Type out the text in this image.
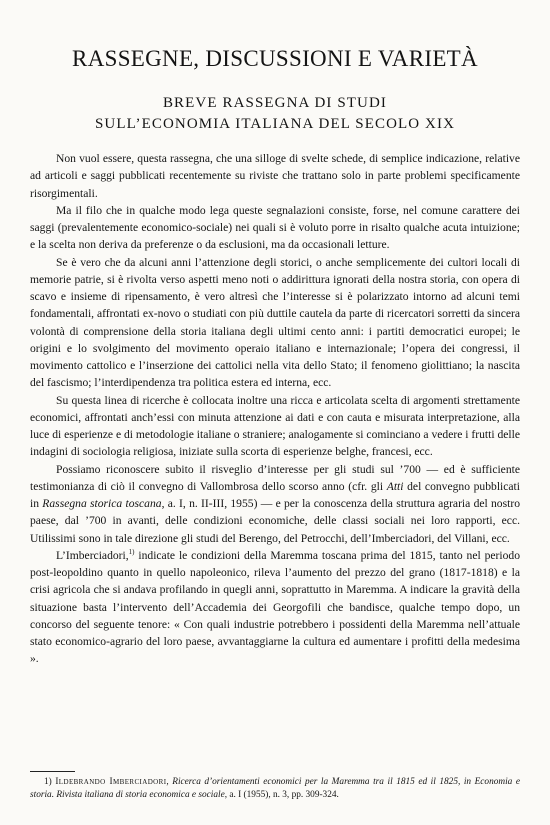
RASSEGNE, DISCUSSIONI E VARIETÀ
BREVE RASSEGNA DI STUDI
SULL’ECONOMIA ITALIANA DEL SECOLO XIX

Non vuol essere, questa rassegna, che una silloge di svelte schede, di semplice indicazione, relative ad articoli e saggi pubblicati recentemente su riviste che trattano solo in parte problemi specificamente risorgimentali.

Ma il filo che in qualche modo lega queste segnalazioni consiste, forse, nel comune carattere dei saggi (prevalentemente economico-sociale) nei quali si è voluto porre in risalto qualche acuta intuizione; e la scelta non deriva da preferenze o da esclusioni, ma da occasionali letture.

Se è vero che da alcuni anni l’attenzione degli storici, o anche semplicemente dei cultori locali di memorie patrie, si è rivolta verso aspetti meno noti o addirittura ignorati della nostra storia, con opera di scavo e insieme di ripensamento, è vero altresì che l’interesse si è polarizzato intorno ad alcuni temi fondamentali, affrontati ex-novo o studiati con più duttile cautela da parte di ricercatori sorretti da sincera volontà di comprensione della storia italiana degli ultimi cento anni: i partiti democratici europei; le origini e lo svolgimento del movimento operaio italiano e internazionale; l’opera dei congressi, il movimento cattolico e l’inserzione dei cattolici nella vita dello Stato; il fenomeno giolittiano; la nascita del fascismo; l’interdipendenza tra politica estera ed interna, ecc.

Su questa linea di ricerche è collocata inoltre una ricca e articolata scelta di argomenti strettamente economici, affrontati anch’essi con minuta attenzione ai dati e con cauta e misurata interpretazione, alla luce di esperienze e di metodologie italiane o straniere; analogamente si cominciano a vedere i frutti delle indagini di sociologia religiosa, iniziate sulla scorta di esperienze belghe, francesi, ecc.

Possiamo riconoscere subito il risveglio d’interesse per gli studi sul ’700 — ed è sufficiente testimonianza di ciò il convegno di Vallombrosa dello scorso anno (cfr. gli Atti del convegno pubblicati in Rassegna storica toscana, a. I, n. II-III, 1955) — e per la conoscenza della struttura agraria del nostro paese, dal ’700 in avanti, delle condizioni economiche, delle classi sociali nei loro rapporti, ecc. Utilissimi sono in tale direzione gli studi del Berengo, del Petrocchi, dell’Imberciadori, del Villani, ecc.

L’Imberciadori,$^{1)}$ indicate le condizioni della Maremma toscana prima del 1815, tanto nel periodo post-leopoldino quanto in quello napoleonico, rileva l’aumento del prezzo del grano (1817-1818) e la crisi agricola che si andava profilando in quegli anni, soprattutto in Maremma. A indicare la gravità della situazione basta l’intervento dell’Accademia dei Georgofili che bandisce, qualche tempo dopo, un concorso del seguente tenore: « Con quali industrie potrebbero i possidenti della Maremma nell’attuale stato economico-agrario del loro paese, avvantaggiarne la cultura ed aumentare i profitti della medesima ».

1) Ildebrando Imberciadori, Ricerca d’orientamenti economici per la Maremma tra il 1815 ed il 1825, in Economia e storia. Rivista italiana di storia economica e sociale, a. I (1955), n. 3, pp. 309-324.
